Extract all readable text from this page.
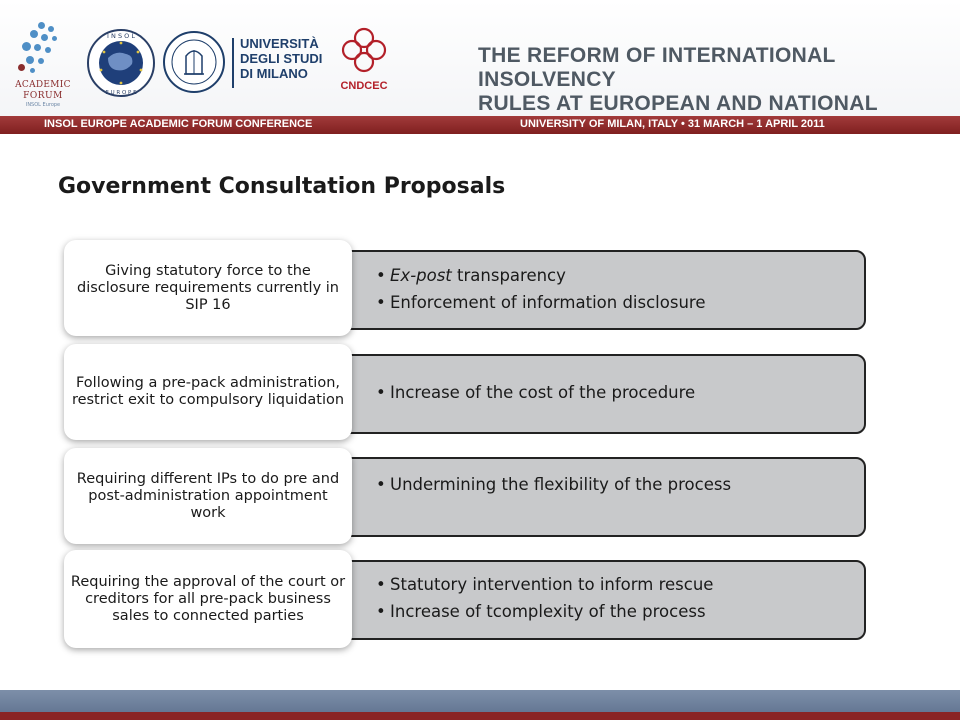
ACADEMIC
FORUM
INSOL Europe
I N S O L
E U R O P E
UNIVERSITÀ
DEGLI STUDI
DI MILANO
CNDCEC
THE REFORM OF INTERNATIONAL INSOLVENCY
RULES AT EUROPEAN AND NATIONAL
INSOL EUROPE ACADEMIC FORUM CONFERENCE	UNIVERSITY OF MILAN, ITALY • 31 MARCH – 1 APRIL 2011
Government Consultation Proposals
• Ex-post transparency
• Enforcement of information disclosure
Giving statutory force to the disclosure requirements currently in SIP 16
• Increase of the cost of the procedure
Following a pre-pack administration, restrict exit to compulsory liquidation
• Undermining the flexibility of the process
Requiring different IPs to do pre and post-administration appointment work
• Statutory intervention to inform rescue
• Increase of tcomplexity of the process
Requiring the approval of the court or creditors for all pre-pack business sales to connected parties
